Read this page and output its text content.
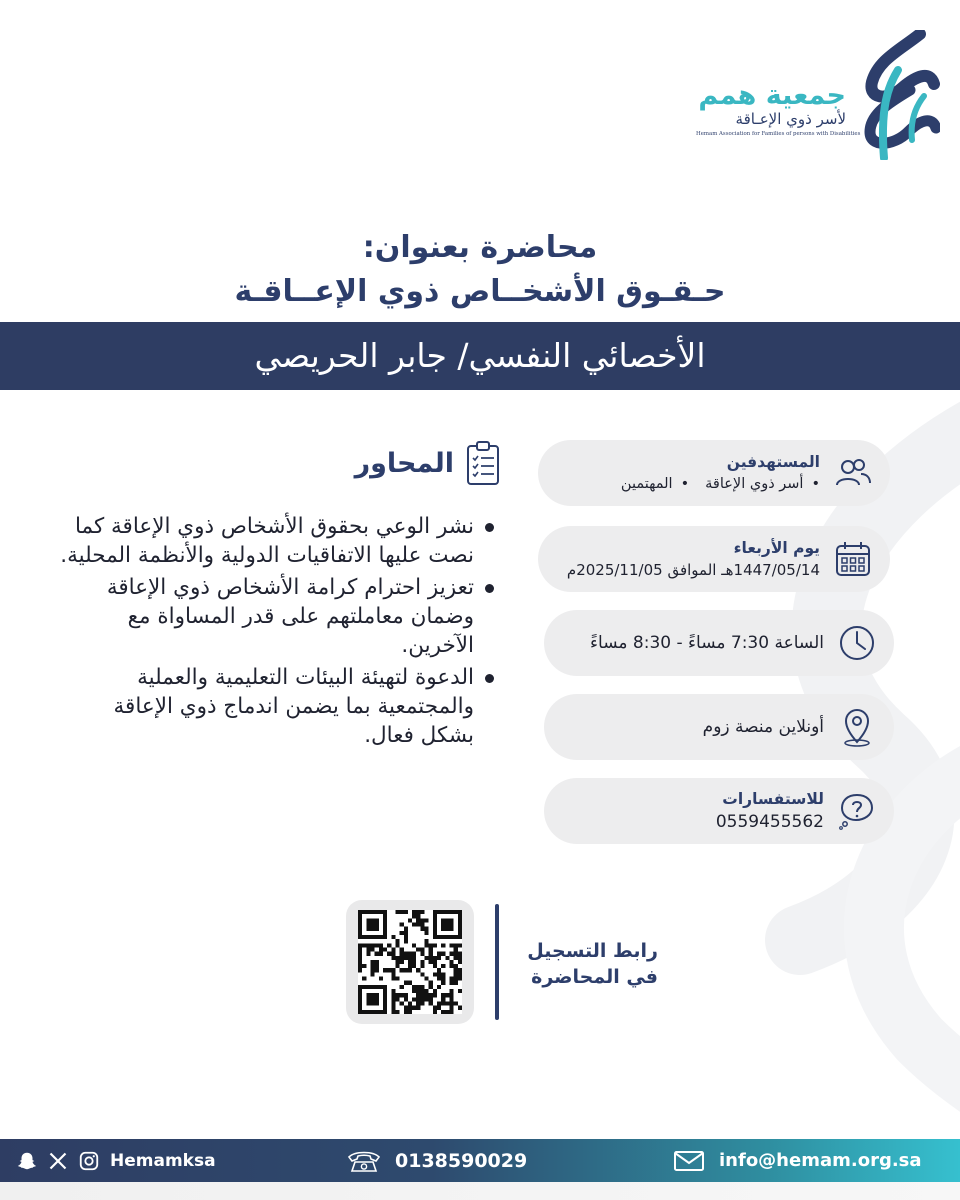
جمعية همم
لأسر ذوي الإعـاقة
Hemam Association for Families of persons with Disabilities
محاضرة بعنوان:
حـقـوق الأشخــاص ذوي الإعــاقـة
الأخصائي النفسي/ جابر الحريصي
المحاور
نشر الوعي بحقوق الأشخاص ذوي الإعاقة كما نصت عليها الاتفاقيات الدولية والأنظمة المحلية.
تعزيز احترام كرامة الأشخاص ذوي الإعاقة وضمان معاملتهم على قدر المساواة مع الآخرين.
الدعوة لتهيئة البيئات التعليمية والعملية والمجتمعية بما يضمن اندماج ذوي الإعاقة بشكل فعال.
المستهدفين
• أسر ذوي الإعاقة
• المهتمين
يوم الأربعاء
1447/05/14هـ الموافق 2025/11/05م
الساعة 7:30 مساءً - 8:30 مساءً
أونلاين منصة زوم
للاستفسارات
0559455562
رابط التسجيل
في المحاضرة
Hemamksa	0138590029	info@hemam.org.sa
